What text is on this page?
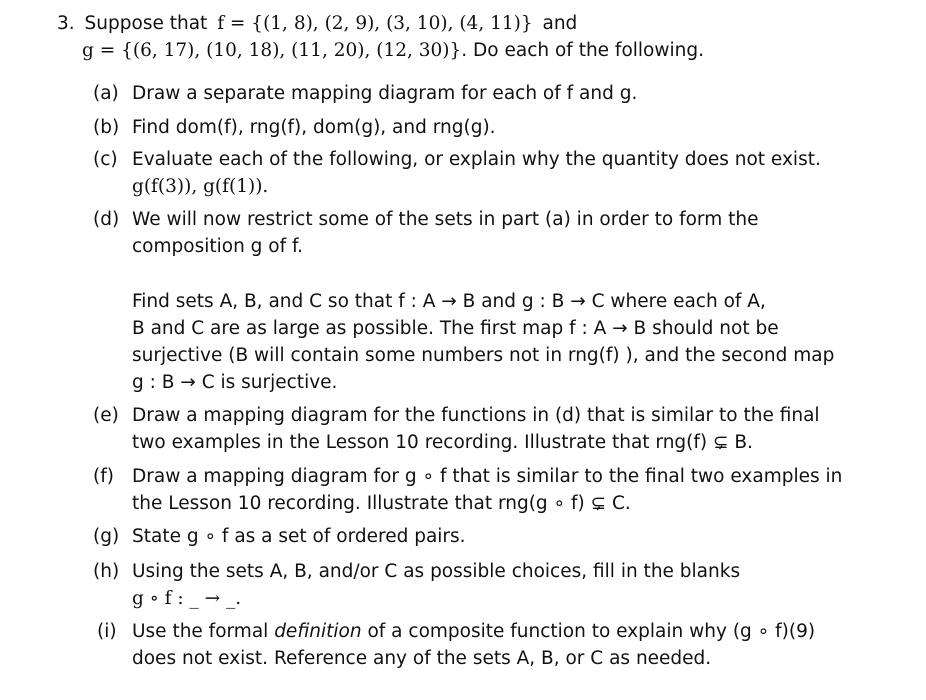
3. Suppose that f = {(1, 8), (2, 9), (3, 10), (4, 11)} and
g = {(6, 17), (10, 18), (11, 20), (12, 30)}. Do each of the following.
(a) Draw a separate mapping diagram for each of f and g.
(b) Find dom(f), rng(f), dom(g), and rng(g).
(c) Evaluate each of the following, or explain why the quantity does not exist.
g(f(3)), g(f(1)).
(d) We will now restrict some of the sets in part (a) in order to form the
composition g of f.
Find sets A, B, and C so that f : A → B and g : B → C where each of A,
B and C are as large as possible. The first map f : A → B should not be
surjective (B will contain some numbers not in rng(f) ), and the second map
g : B → C is surjective.
(e) Draw a mapping diagram for the functions in (d) that is similar to the final
two examples in the Lesson 10 recording. Illustrate that rng(f) ⊊ B.
(f) Draw a mapping diagram for g ∘ f that is similar to the final two examples in
the Lesson 10 recording. Illustrate that rng(g ∘ f) ⊊ C.
(g) State g ∘ f as a set of ordered pairs.
(h) Using the sets A, B, and/or C as possible choices, fill in the blanks
g ∘ f : _ → _.
(i) Use the formal definition of a composite function to explain why (g ∘ f)(9)
does not exist. Reference any of the sets A, B, or C as needed.
